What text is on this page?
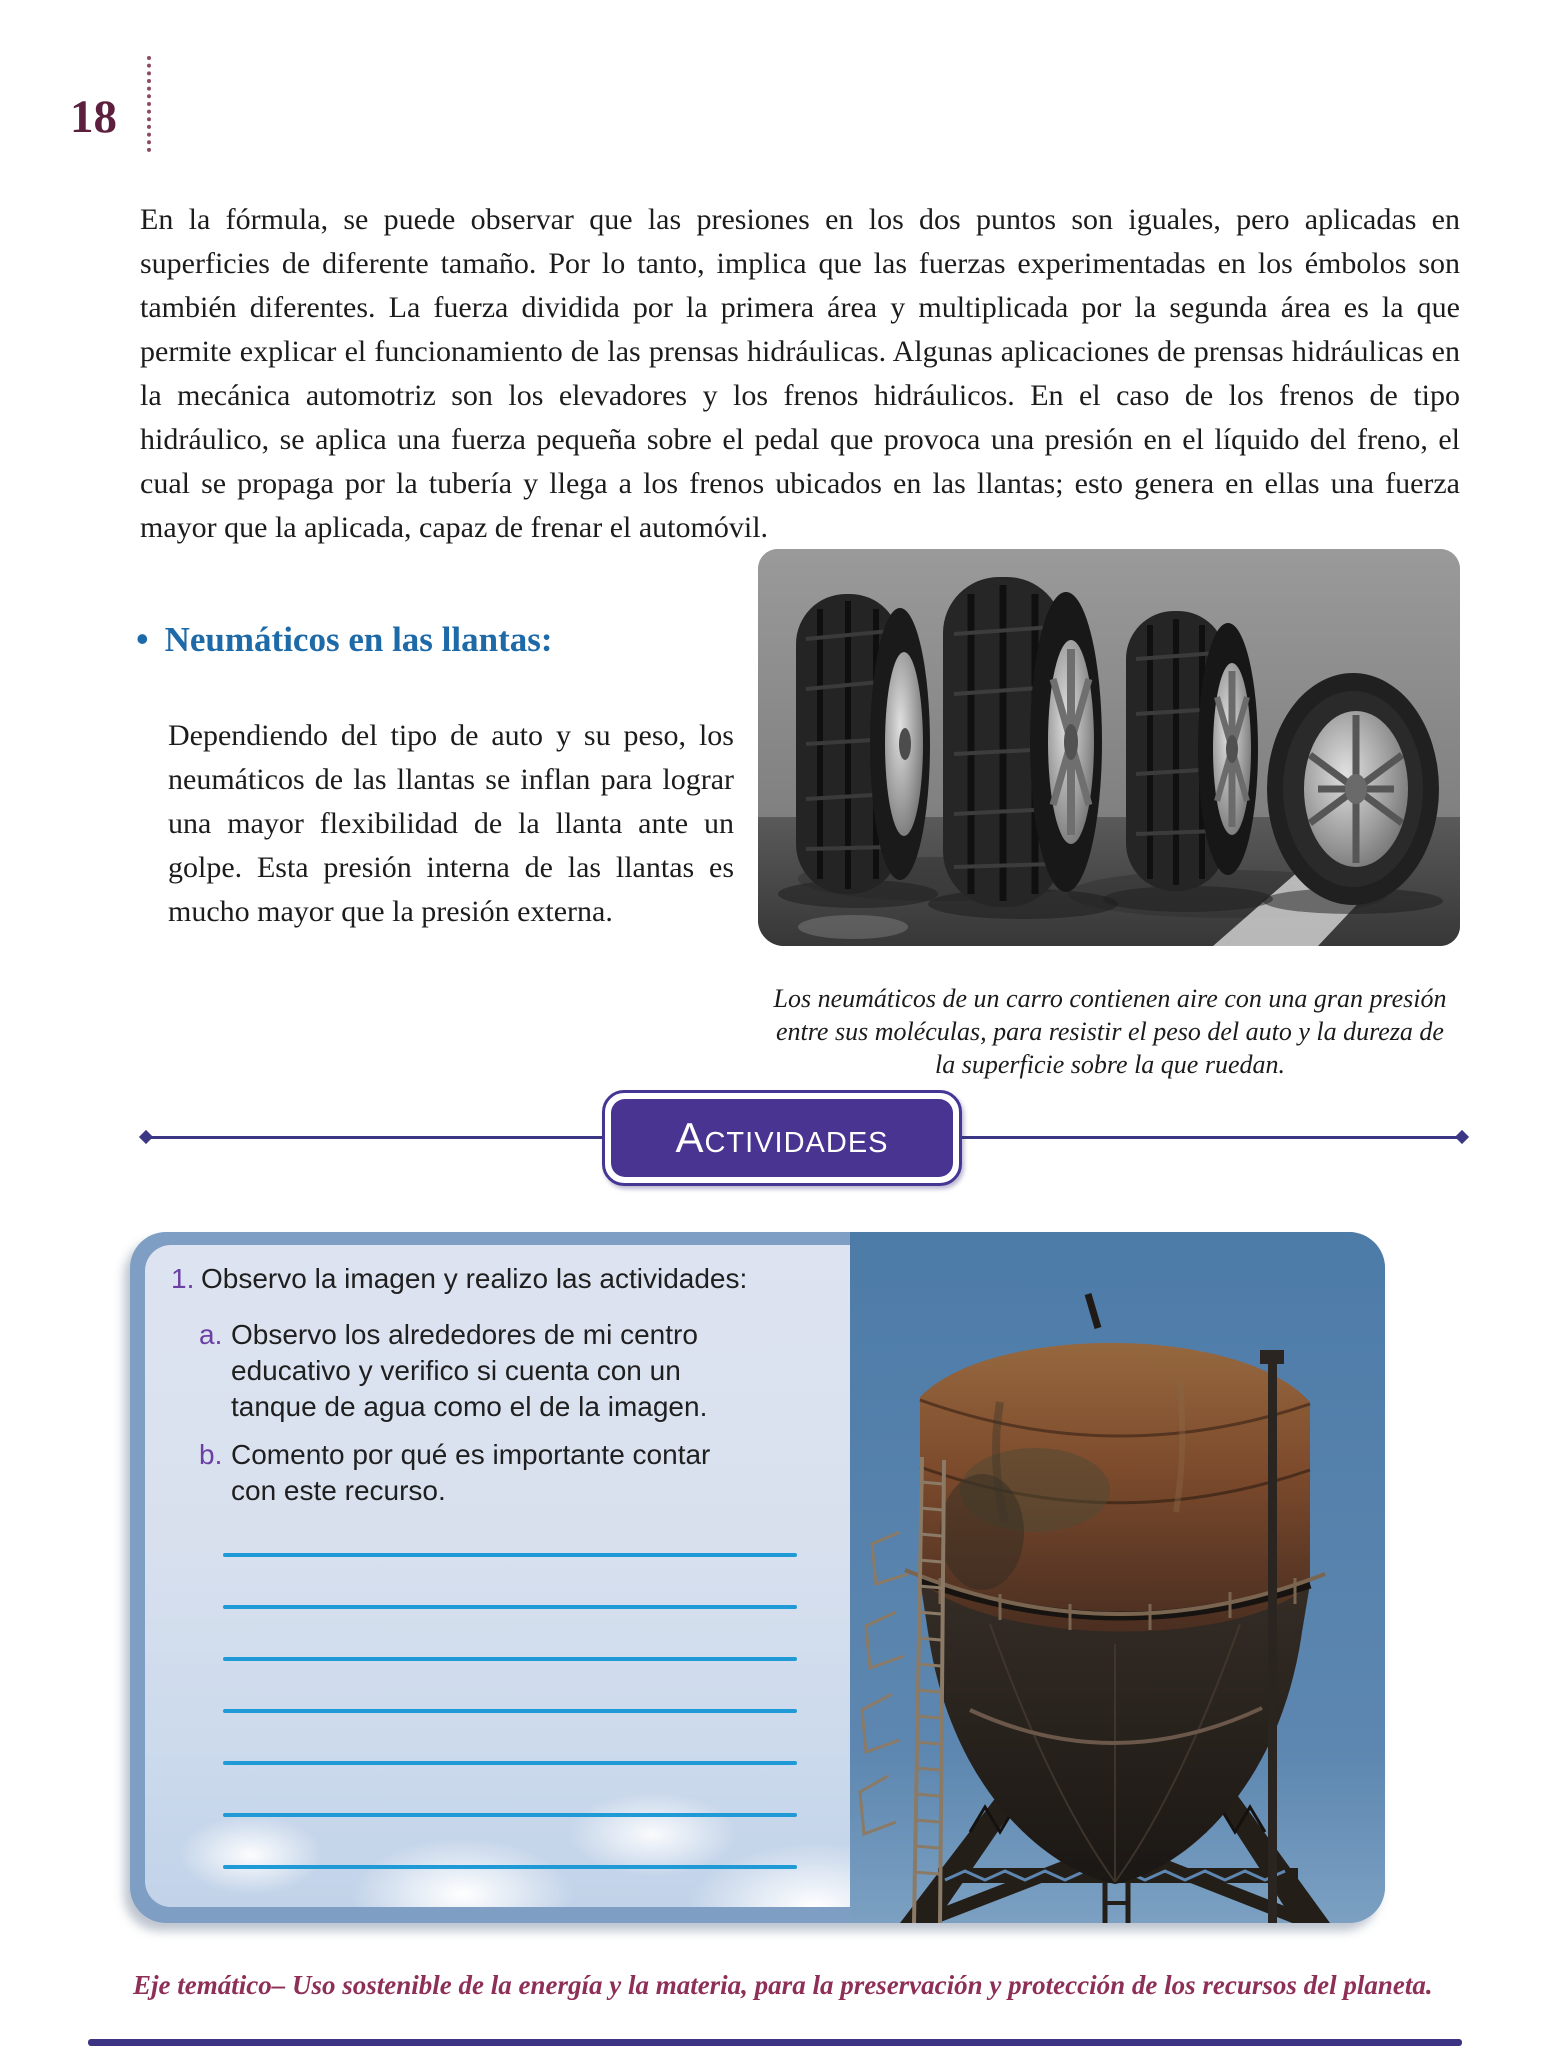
18

En la fórmula, se puede observar que las presiones en los dos puntos son iguales, pero aplicadas en superficies de diferente tamaño. Por lo tanto, implica que las fuerzas experimentadas en los émbolos son también diferentes. La fuerza dividida por la primera área y multiplicada por la segunda área es la que permite explicar el funcionamiento de las prensas hidráulicas. Algunas aplicaciones de prensas hidráulicas en la mecánica automotriz son los elevadores y los frenos hidráulicos. En el caso de los frenos de tipo hidráulico, se aplica una fuerza pequeña sobre el pedal que provoca una presión en el líquido del freno, el cual se propaga por la tubería y llega a los frenos ubicados en las llantas; esto genera en ellas una fuerza mayor que la aplicada, capaz de frenar el automóvil.

• Neumáticos en las llantas:

Dependiendo del tipo de auto y su peso, los neumáticos de las llantas se inflan para lograr una mayor flexibilidad de la llanta ante un golpe. Esta presión interna de las llantas es mucho mayor que la presión externa.

Los neumáticos de un carro contienen aire con una gran presión entre sus moléculas, para resistir el peso del auto y la dureza de la superficie sobre la que ruedan.

Actividades
1. Observo la imagen y realizo las actividades:
a. Observo los alrededores de mi centro educativo y verifico si cuenta con un tanque de agua como el de la imagen.
b. Comento por qué es importante contar con este recurso.

Eje temático– Uso sostenible de la energía y la materia, para la preservación y protección de los recursos del planeta.
